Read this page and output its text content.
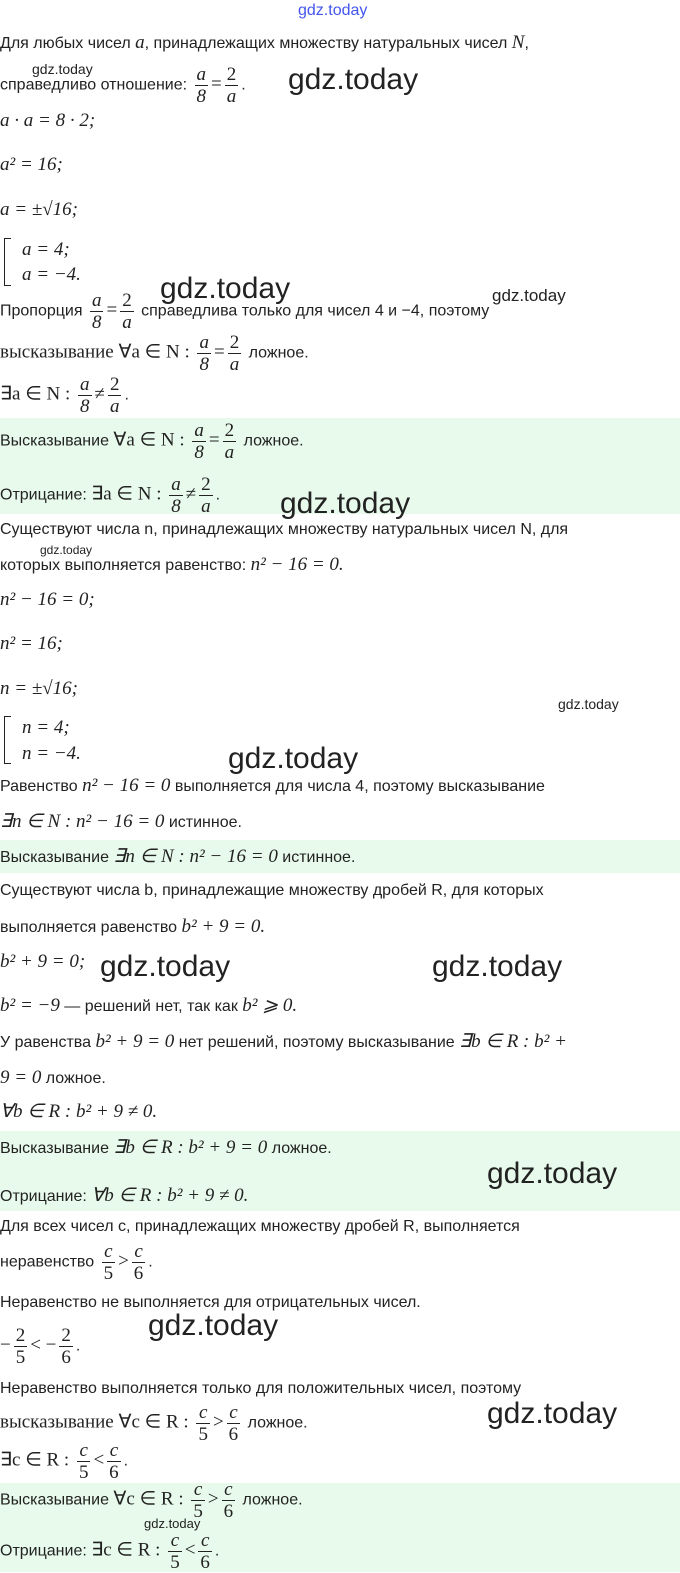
gdz.today
Для любых чисел a, принадлежащих множеству натуральных чисел N,
справедливо отношение: $\frac{a}{8} = \frac{2}{a}$ .
a · a = 8 · 2;
a² = 16;
a = ±√16;
a = 4;
a = −4.
Пропорция $\frac{a}{8} = \frac{2}{a}$ справедлива только для чисел 4 и −4, поэтому
высказывание ∀a ∈ N : $\frac{a}{8} = \frac{2}{a}$ ложное.
∃a ∈ N : $\frac{a}{8} \ne \frac{2}{a}$ .
Высказывание ∀a ∈ N : $\frac{a}{8} = \frac{2}{a}$ ложное.
Отрицание: ∃a ∈ N : $\frac{a}{8} \ne \frac{2}{a}$ .
Существуют числа n, принадлежащих множеству натуральных чисел N, для
которых выполняется равенство: n² − 16 = 0.
n² − 16 = 0;
n² = 16;
n = ±√16;
n = 4;
n = −4.
Равенство n² − 16 = 0 выполняется для числа 4, поэтому высказывание
∃n ∈ N : n² − 16 = 0 истинное.
Высказывание ∃n ∈ N : n² − 16 = 0 истинное.
Существуют числа b, принадлежащие множеству дробей R, для которых
выполняется равенство b² + 9 = 0.
b² + 9 = 0;
b² = −9 — решений нет, так как b² ⩾ 0.
У равенства b² + 9 = 0 нет решений, поэтому высказывание ∃b ∈ R : b² +
9 = 0 ложное.
∀b ∈ R : b² + 9 ≠ 0.
Высказывание ∃b ∈ R : b² + 9 = 0 ложное.
Отрицание: ∀b ∈ R : b² + 9 ≠ 0.
Для всех чисел c, принадлежащих множеству дробей R, выполняется
неравенство $\frac{c}{5} > \frac{c}{6}$ .
Неравенство не выполняется для отрицательных чисел.
− $\frac{2}{5}$ < − $\frac{2}{6}$ .
Неравенство выполняется только для положительных чисел, поэтому
высказывание ∀c ∈ R : $\frac{c}{5} > \frac{c}{6}$ ложное.
∃c ∈ R : $\frac{c}{5} < \frac{c}{6}$ .
Высказывание ∀c ∈ R : $\frac{c}{5} > \frac{c}{6}$ ложное.
Отрицание: ∃c ∈ R : $\frac{c}{5} < \frac{c}{6}$ .
gdz.today	gdz.today
gdz.today	gdz.today
gdz.today
gdz.today
gdz.today
gdz.today
gdz.today	gdz.today
gdz.today
gdz.today
gdz.today
gdz.today
